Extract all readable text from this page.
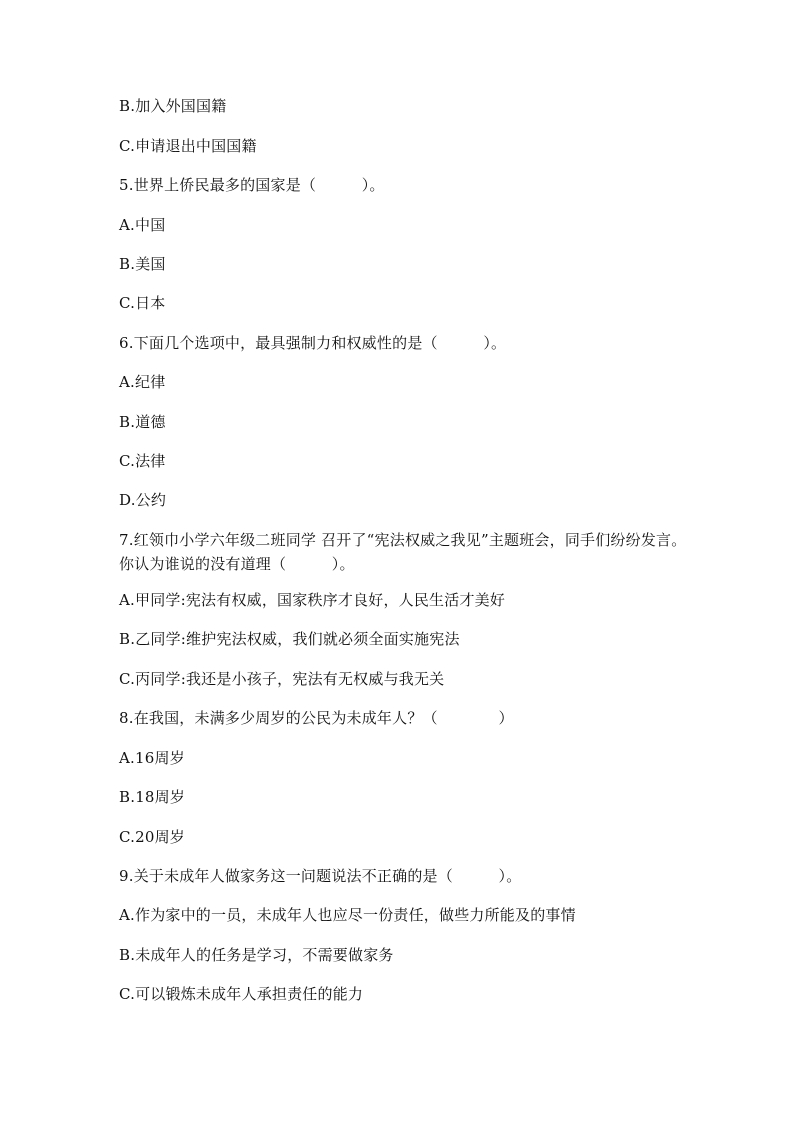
B.加入外国国籍
C.申请退出中国国籍
5.世界上侨民最多的国家是（　　　）。
A.中国
B.美国
C.日本
6.下面几个选项中，最具强制力和权威性的是（　　　）。
A.纪律
B.道德
C.法律
D.公约
7.红领巾小学六年级二班同学 召开了“宪法权威之我见”主题班会，同手们纷纷发言。你认为谁说的没有道理（　　　）。
A.甲同学:宪法有权威，国家秩序才良好，人民生活才美好
B.乙同学:维护宪法权威，我们就必须全面实施宪法
C.丙同学:我还是小孩子，宪法有无权威与我无关
8.在我国，未满多少周岁的公民为未成年人？（　　　　）
A.16周岁
B.18周岁
C.20周岁
9.关于未成年人做家务这一问题说法不正确的是（　　　）。
A.作为家中的一员，未成年人也应尽一份责任，做些力所能及的事情
B.未成年人的任务是学习，不需要做家务
C.可以锻炼未成年人承担责任的能力
